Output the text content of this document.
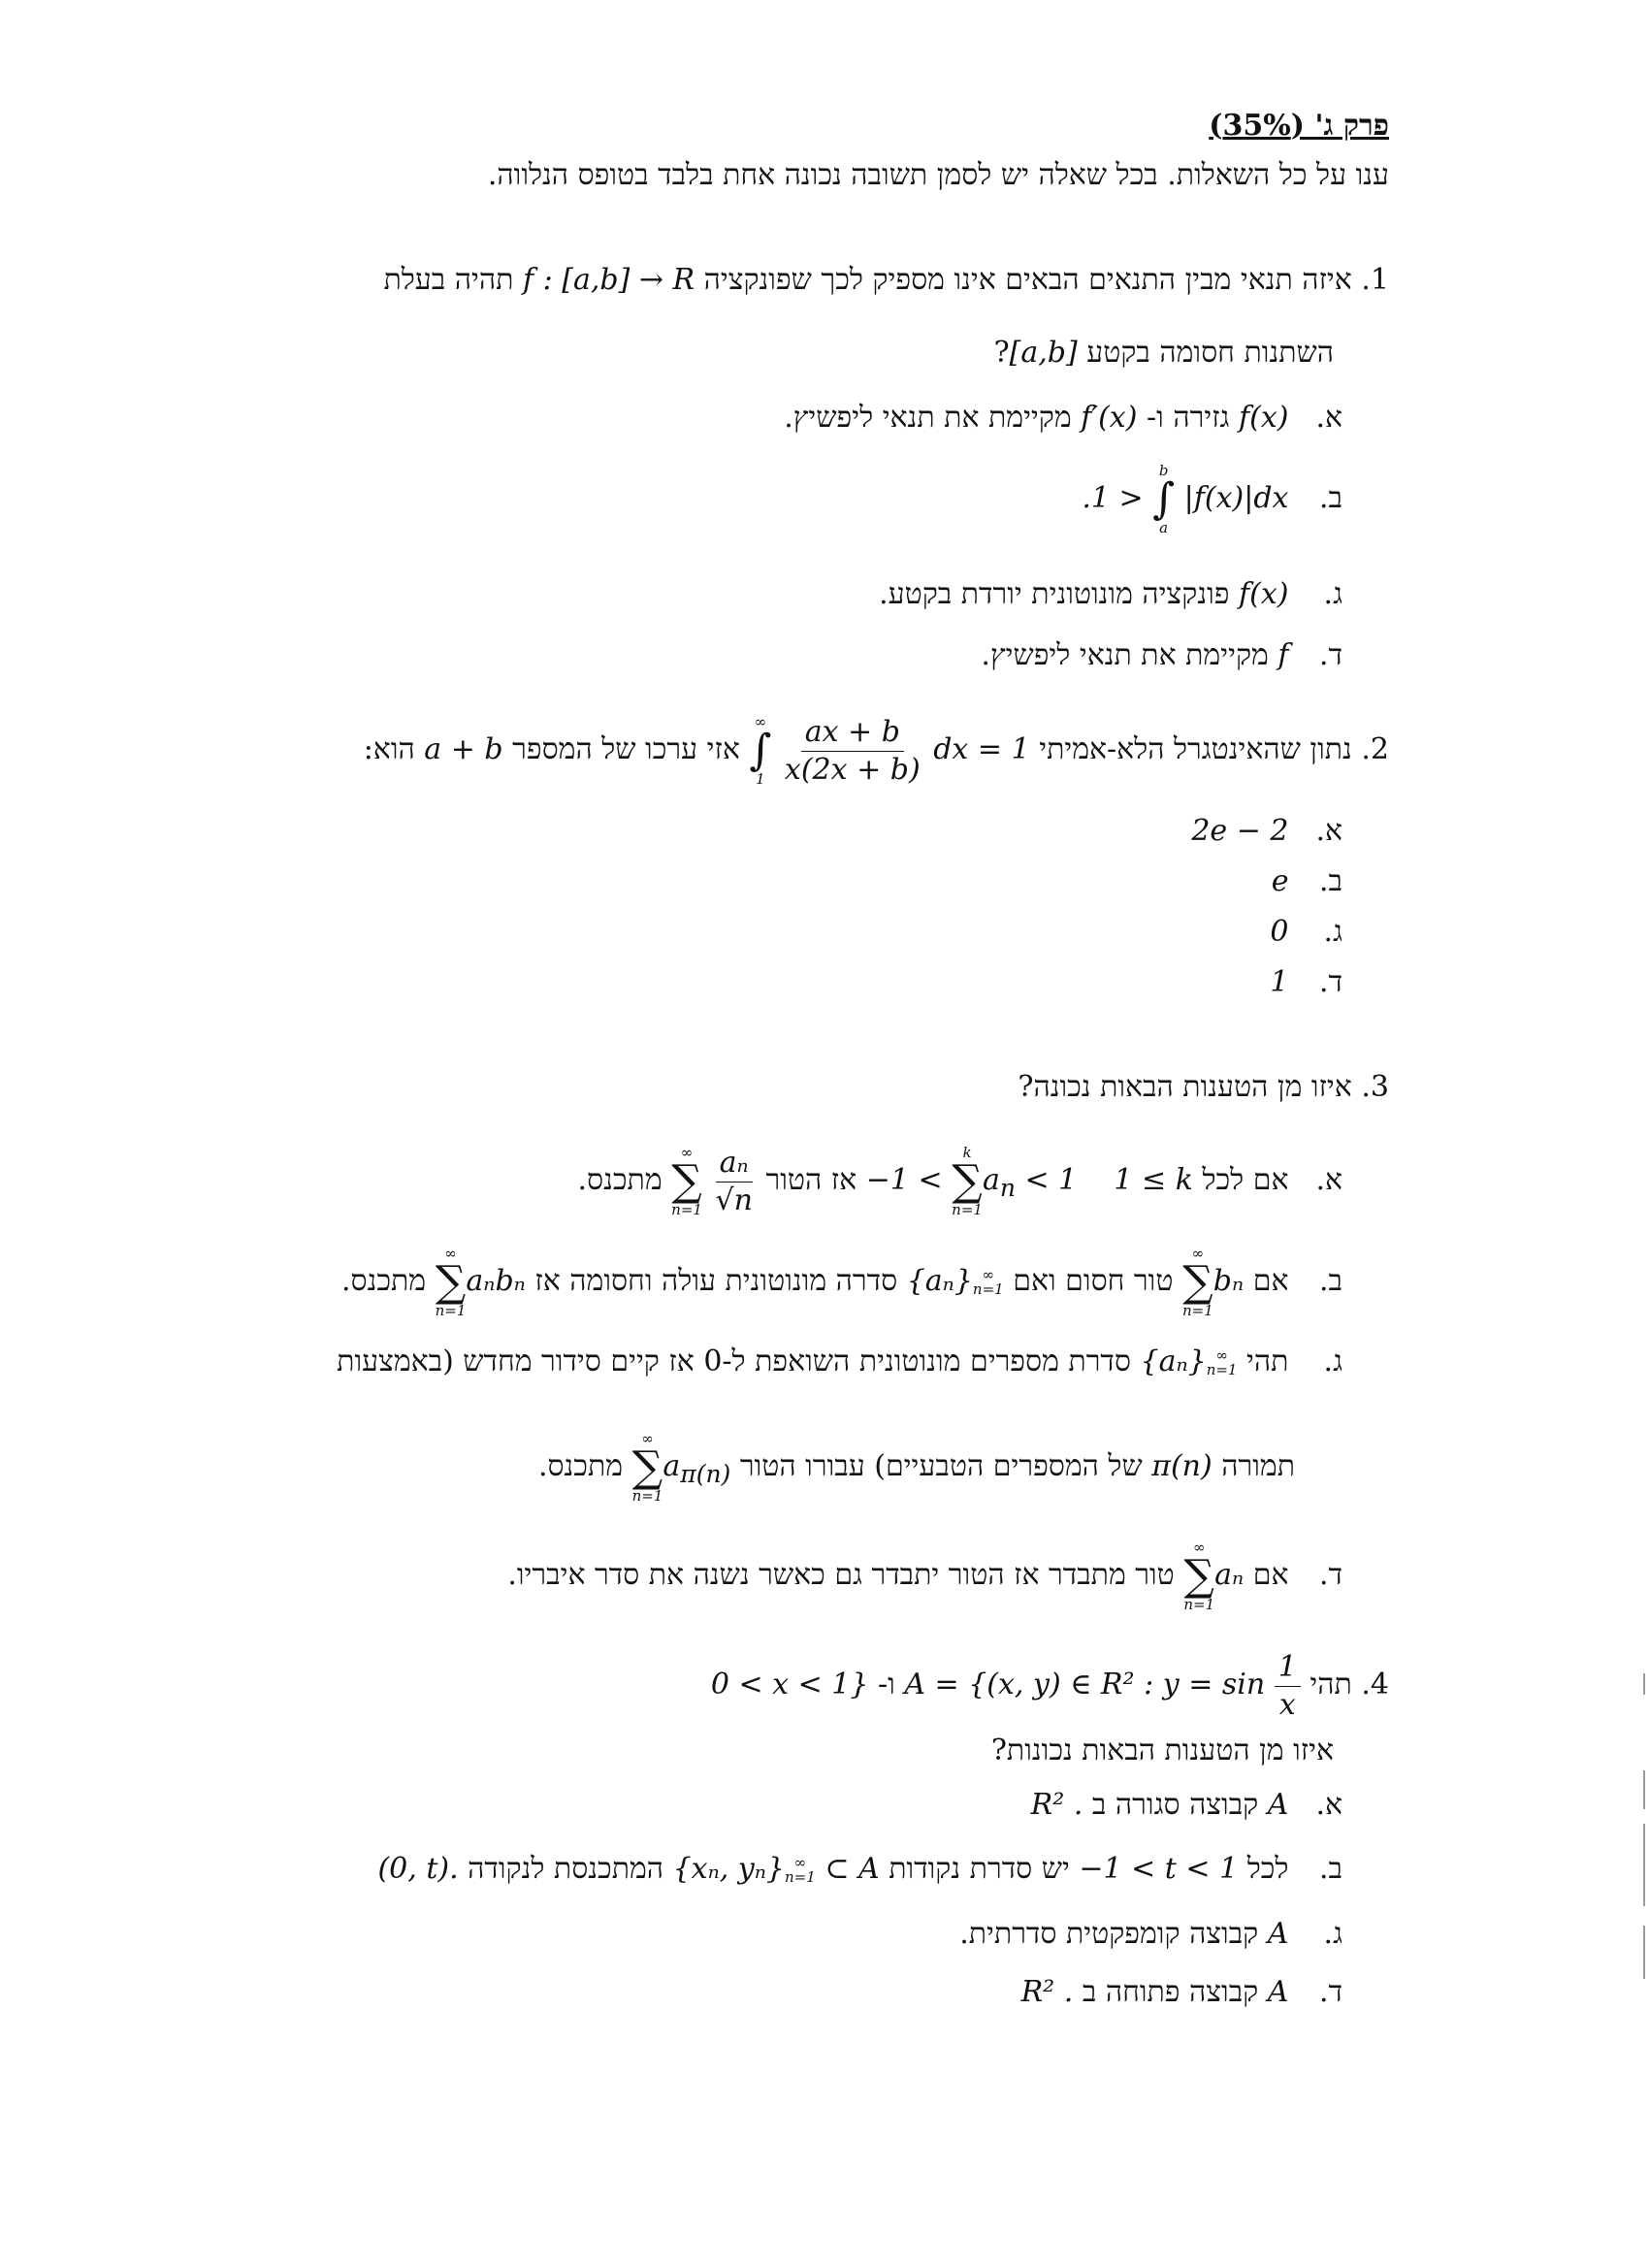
פרק ג' (35%)
ענו על כל השאלות. בכל שאלה יש לסמן תשובה נכונה אחת בלבד בטופס הנלווה.
1. איזה תנאי מבין התנאים הבאים אינו מספיק לכך שפונקציה f : [a,b] → R תהיה בעלת
השתנות חסומה בקטע [a,b]?
א. f(x) גזירה ו- f′(x) מקיימת את תנאי ליפשיץ.
ב. .1 >
b
∫
a
|f(x)|dx
ג. f(x) פונקציה מונוטונית יורדת בקטע.
ד. f מקיימת את תנאי ליפשיץ.
2. נתון שהאינטגרל הלא-אמיתי
∞
∫
1
$\frac{ax + b}{x(2x + b)}$ dx = 1 אזי ערכו של המספר a + b הוא:
א. 2e − 2
ב. e
ג. 0
ד. 1
3. איזו מן הטענות הבאות נכונה?
א. אם לכל 1 ≤ k    −1 <
k
∑
n=1
$a_n < 1$ אז הטור
∞
∑
n=1
$\frac{\text{aₙ}}{√n}$
מתכנס.
ב. אם
∞
∑
n=1
bₙ טור חסום ואם {aₙ} ∞
n=1
סדרה מונוטונית עולה וחסומה אז
∞
∑
n=1
aₙbₙ מתכנס.
ג. תהי {aₙ} ∞
n=1
סדרת מספרים מונוטונית השואפת ל-0 אז קיים סידור מחדש (באמצעות
תמורה π(n) של המספרים הטבעיים) עבורו הטור
∞
∑
n=1
$a_{\pi(n)}$ מתכנס.
ד. אם
∞
∑
n=1
aₙ טור מתבדר אז הטור יתבדר גם כאשר נשנה את סדר איבריו.
4. תהי A = {(x, y) ∈ R² : $y = \sin \frac{1}{x}$
ו- 0 < x < 1}
איזו מן הטענות הבאות נכונות?
א. A קבוצה סגורה ב R² .
ב. לכל −1 < t < 1 יש סדרת נקודות {xₙ, yₙ} ∞
n=1 ⊂ A המתכנסת לנקודה (0, t).
ג. A קבוצה קומפקטית סדרתית.
ד. A קבוצה פתוחה ב R² .
